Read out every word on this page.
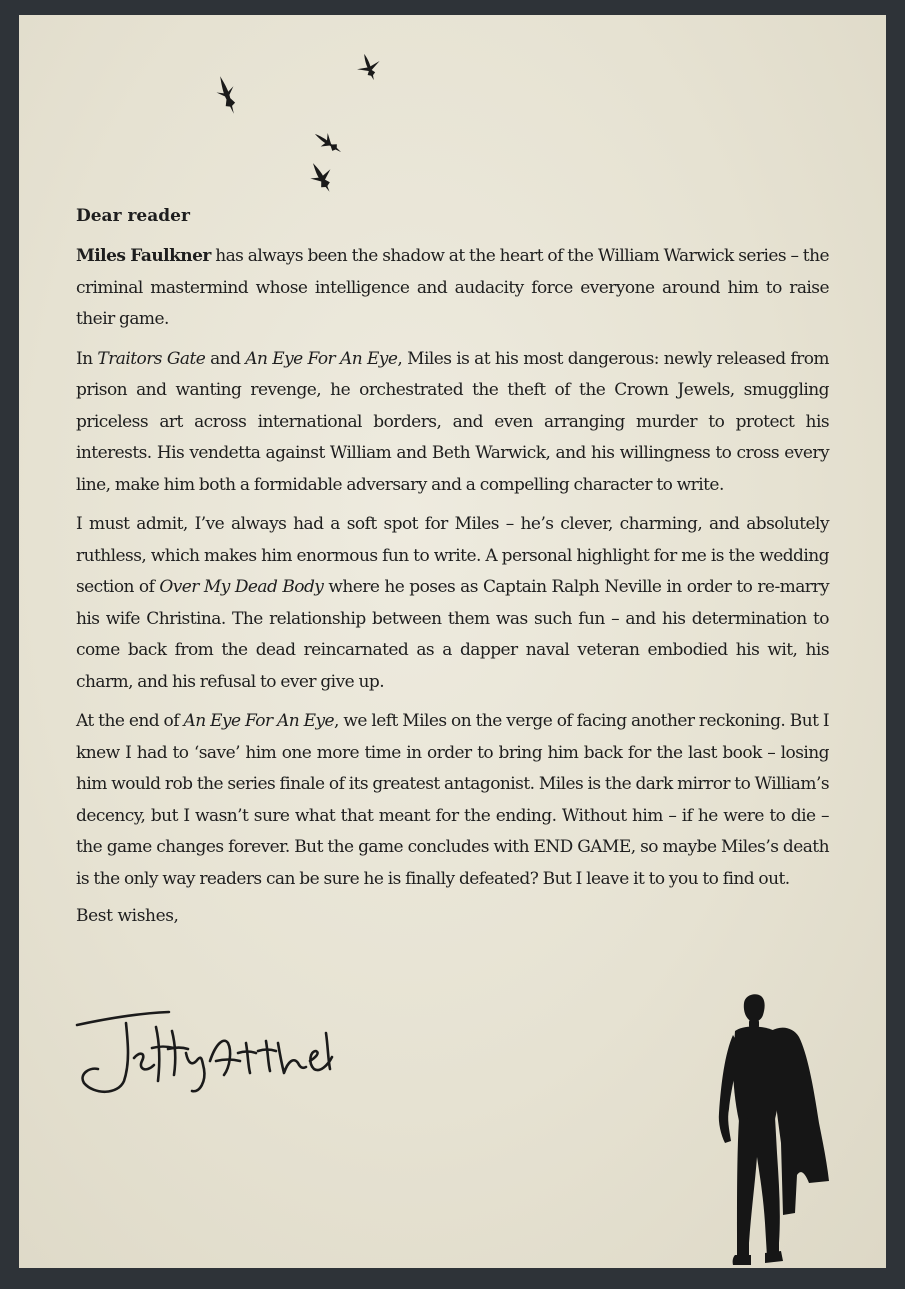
Dear reader

Miles Faulkner has always been the shadow at the heart of the William Warwick series – the criminal mastermind whose intelligence and audacity force everyone around him to raise their game.

In Traitors Gate and An Eye For An Eye, Miles is at his most dangerous: newly released from prison and wanting revenge, he orchestrated the theft of the Crown Jewels, smuggling priceless art across international borders, and even arranging murder to protect his interests. His vendetta against William and Beth Warwick, and his willingness to cross every line, make him both a formidable adversary and a compelling character to write.

I must admit, I’ve always had a soft spot for Miles – he’s clever, charming, and absolutely ruthless, which makes him enormous fun to write. A personal highlight for me is the wedding section of Over My Dead Body where he poses as Captain Ralph Neville in order to re-marry his wife Christina. The relationship between them was such fun – and his determination to come back from the dead reincarnated as a dapper naval veteran embodied his wit, his charm, and his refusal to ever give up.

At the end of An Eye For An Eye, we left Miles on the verge of facing another reckoning. But I knew I had to ‘save’ him one more time in order to bring him back for the last book – losing him would rob the series finale of its greatest antagonist. Miles is the dark mirror to William’s decency, but I wasn’t sure what that meant for the ending. Without him – if he were to die – the game changes forever. But the game concludes with END GAME, so maybe Miles’s death is the only way readers can be sure he is finally defeated? But I leave it to you to find out.

Best wishes,
